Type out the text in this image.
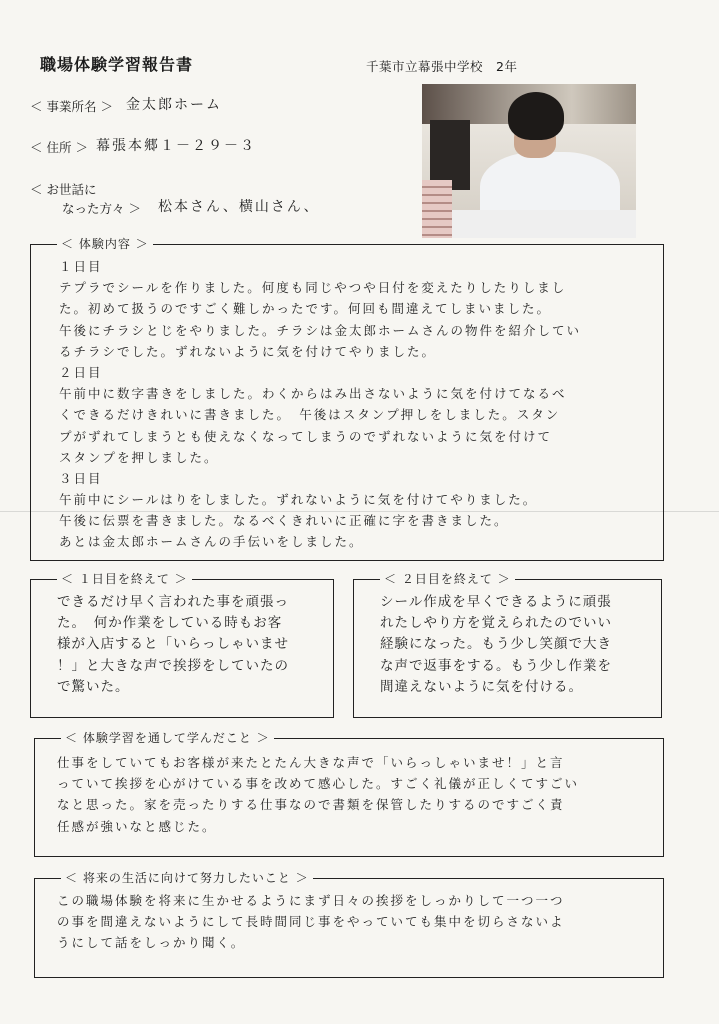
職場体験学習報告書	千葉市立幕張中学校　2年
＜ 事業所名 ＞ 金太郎ホーム
＜ 住所 ＞ 幕張本郷１－２９－３
＜ お世話に
なった方々 ＞ 松本さん、横山さん、
＜ 体験内容 ＞
１日目
テプラでシールを作りました。何度も同じやつや日付を変えたりしたりしまし
た。初めて扱うのですごく難しかったです。何回も間違えてしまいました。
午後にチラシとじをやりました。チラシは金太郎ホームさんの物件を紹介してい
るチラシでした。ずれないように気を付けてやりました。
２日目
午前中に数字書きをしました。わくからはみ出さないように気を付けてなるべ
くできるだけきれいに書きました。　午後はスタンプ押しをしました。スタン
プがずれてしまうとも使えなくなってしまうのでずれないように気を付けて
スタンプを押しました。
３日目
午前中にシールはりをしました。ずれないように気を付けてやりました。
午後に伝票を書きました。なるべくきれいに正確に字を書きました。
あとは金太郎ホームさんの手伝いをしました。
＜ １日目を終えて ＞
できるだけ早く言われた事を頑張っ
た。　何か作業をしている時もお客
様が入店すると「いらっしゃいませ
！」と大きな声で挨拶をしていたの
で驚いた。
＜ ２日目を終えて ＞
シール作成を早くできるように頑張
れたしやり方を覚えられたのでいい
経験になった。もう少し笑顔で大き
な声で返事をする。もう少し作業を
間違えないように気を付ける。
＜ 体験学習を通して学んだこと ＞
仕事をしていてもお客様が来たとたん大きな声で「いらっしゃいませ！」と言
っていて挨拶を心がけている事を改めて感心した。すごく礼儀が正しくてすごい
なと思った。家を売ったりする仕事なので書類を保管したりするのですごく責
任感が強いなと感じた。
＜ 将来の生活に向けて努力したいこと ＞
この職場体験を将来に生かせるようにまず日々の挨拶をしっかりして一つ一つ
の事を間違えないようにして長時間同じ事をやっていても集中を切らさないよ
うにして話をしっかり聞く。
